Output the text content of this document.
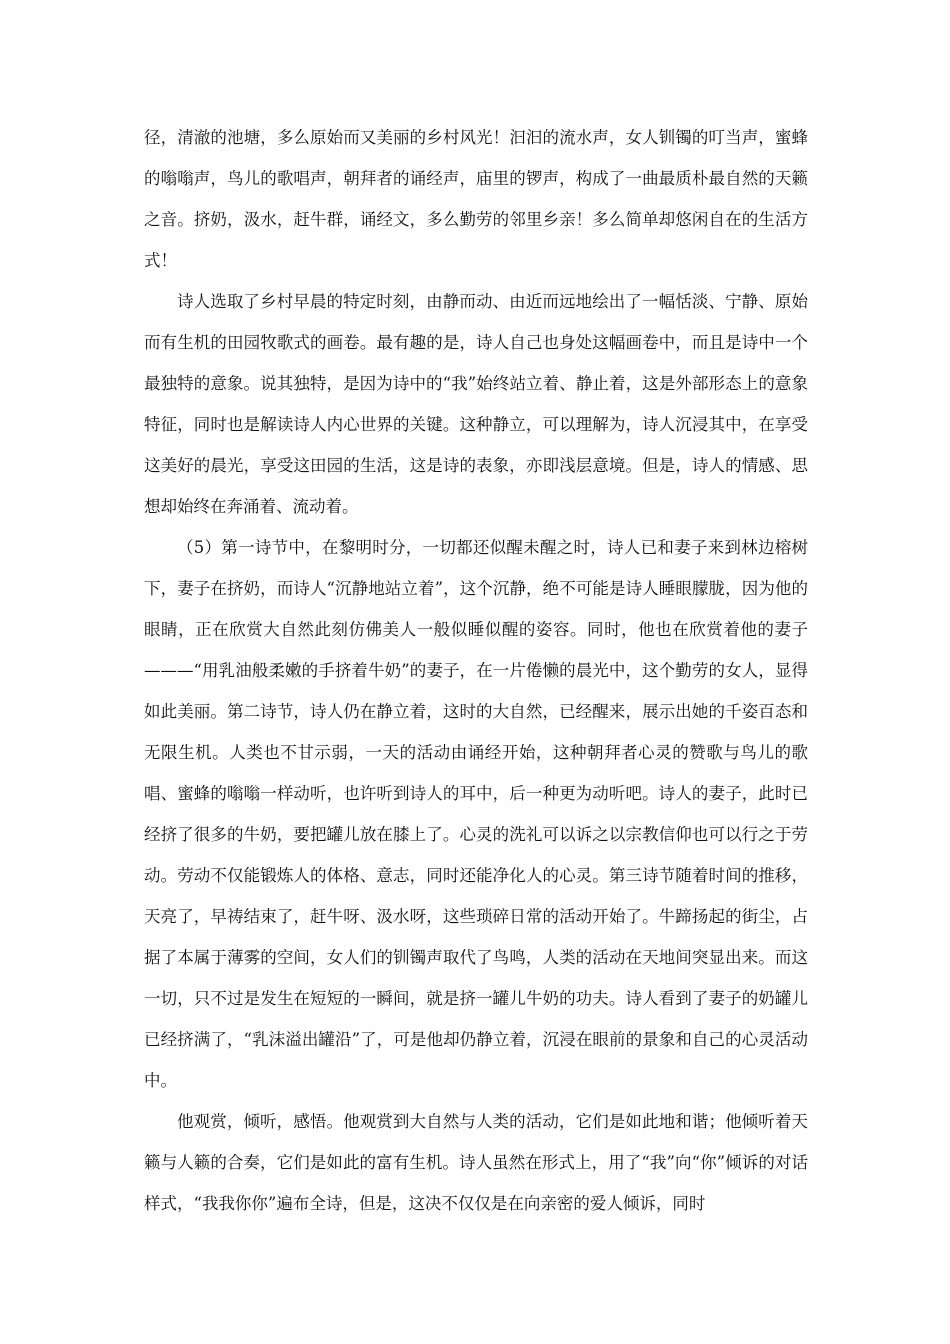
径，清澈的池塘，多么原始而又美丽的乡村风光！汩汩的流水声，女人钏镯的叮当声，蜜蜂的嗡嗡声，鸟儿的歌唱声，朝拜者的诵经声，庙里的锣声，构成了一曲最质朴最自然的天籁之音。挤奶，汲水，赶牛群，诵经文，多么勤劳的邻里乡亲！多么简单却悠闲自在的生活方式！

诗人选取了乡村早晨的特定时刻，由静而动、由近而远地绘出了一幅恬淡、宁静、原始而有生机的田园牧歌式的画卷。最有趣的是，诗人自己也身处这幅画卷中，而且是诗中一个最独特的意象。说其独特，是因为诗中的“我”始终站立着、静止着，这是外部形态上的意象特征，同时也是解读诗人内心世界的关键。这种静立，可以理解为，诗人沉浸其中，在享受这美好的晨光，享受这田园的生活，这是诗的表象，亦即浅层意境。但是，诗人的情感、思想却始终在奔涌着、流动着。

（5）第一诗节中，在黎明时分，一切都还似醒未醒之时，诗人已和妻子来到林边榕树下，妻子在挤奶，而诗人“沉静地站立着”，这个沉静，绝不可能是诗人睡眼朦胧，因为他的眼睛，正在欣赏大自然此刻仿佛美人一般似睡似醒的姿容。同时，他也在欣赏着他的妻子———“用乳油般柔嫩的手挤着牛奶”的妻子，在一片倦懒的晨光中，这个勤劳的女人，显得如此美丽。第二诗节，诗人仍在静立着，这时的大自然，已经醒来，展示出她的千姿百态和无限生机。人类也不甘示弱，一天的活动由诵经开始，这种朝拜者心灵的赞歌与鸟儿的歌唱、蜜蜂的嗡嗡一样动听，也许听到诗人的耳中，后一种更为动听吧。诗人的妻子，此时已经挤了很多的牛奶，要把罐儿放在膝上了。心灵的洗礼可以诉之以宗教信仰也可以行之于劳动。劳动不仅能锻炼人的体格、意志，同时还能净化人的心灵。第三诗节随着时间的推移，天亮了，早祷结束了，赶牛呀、汲水呀，这些琐碎日常的活动开始了。牛蹄扬起的街尘，占据了本属于薄雾的空间，女人们的钏镯声取代了鸟鸣，人类的活动在天地间突显出来。而这一切，只不过是发生在短短的一瞬间，就是挤一罐儿牛奶的功夫。诗人看到了妻子的奶罐儿已经挤满了，“乳沫溢出罐沿”了，可是他却仍静立着，沉浸在眼前的景象和自己的心灵活动中。

他观赏，倾听，感悟。他观赏到大自然与人类的活动，它们是如此地和谐；他倾听着天籁与人籁的合奏，它们是如此的富有生机。诗人虽然在形式上，用了“我”向“你”倾诉的对话样式，“我我你你”遍布全诗，但是，这决不仅仅是在向亲密的爱人倾诉，同时
